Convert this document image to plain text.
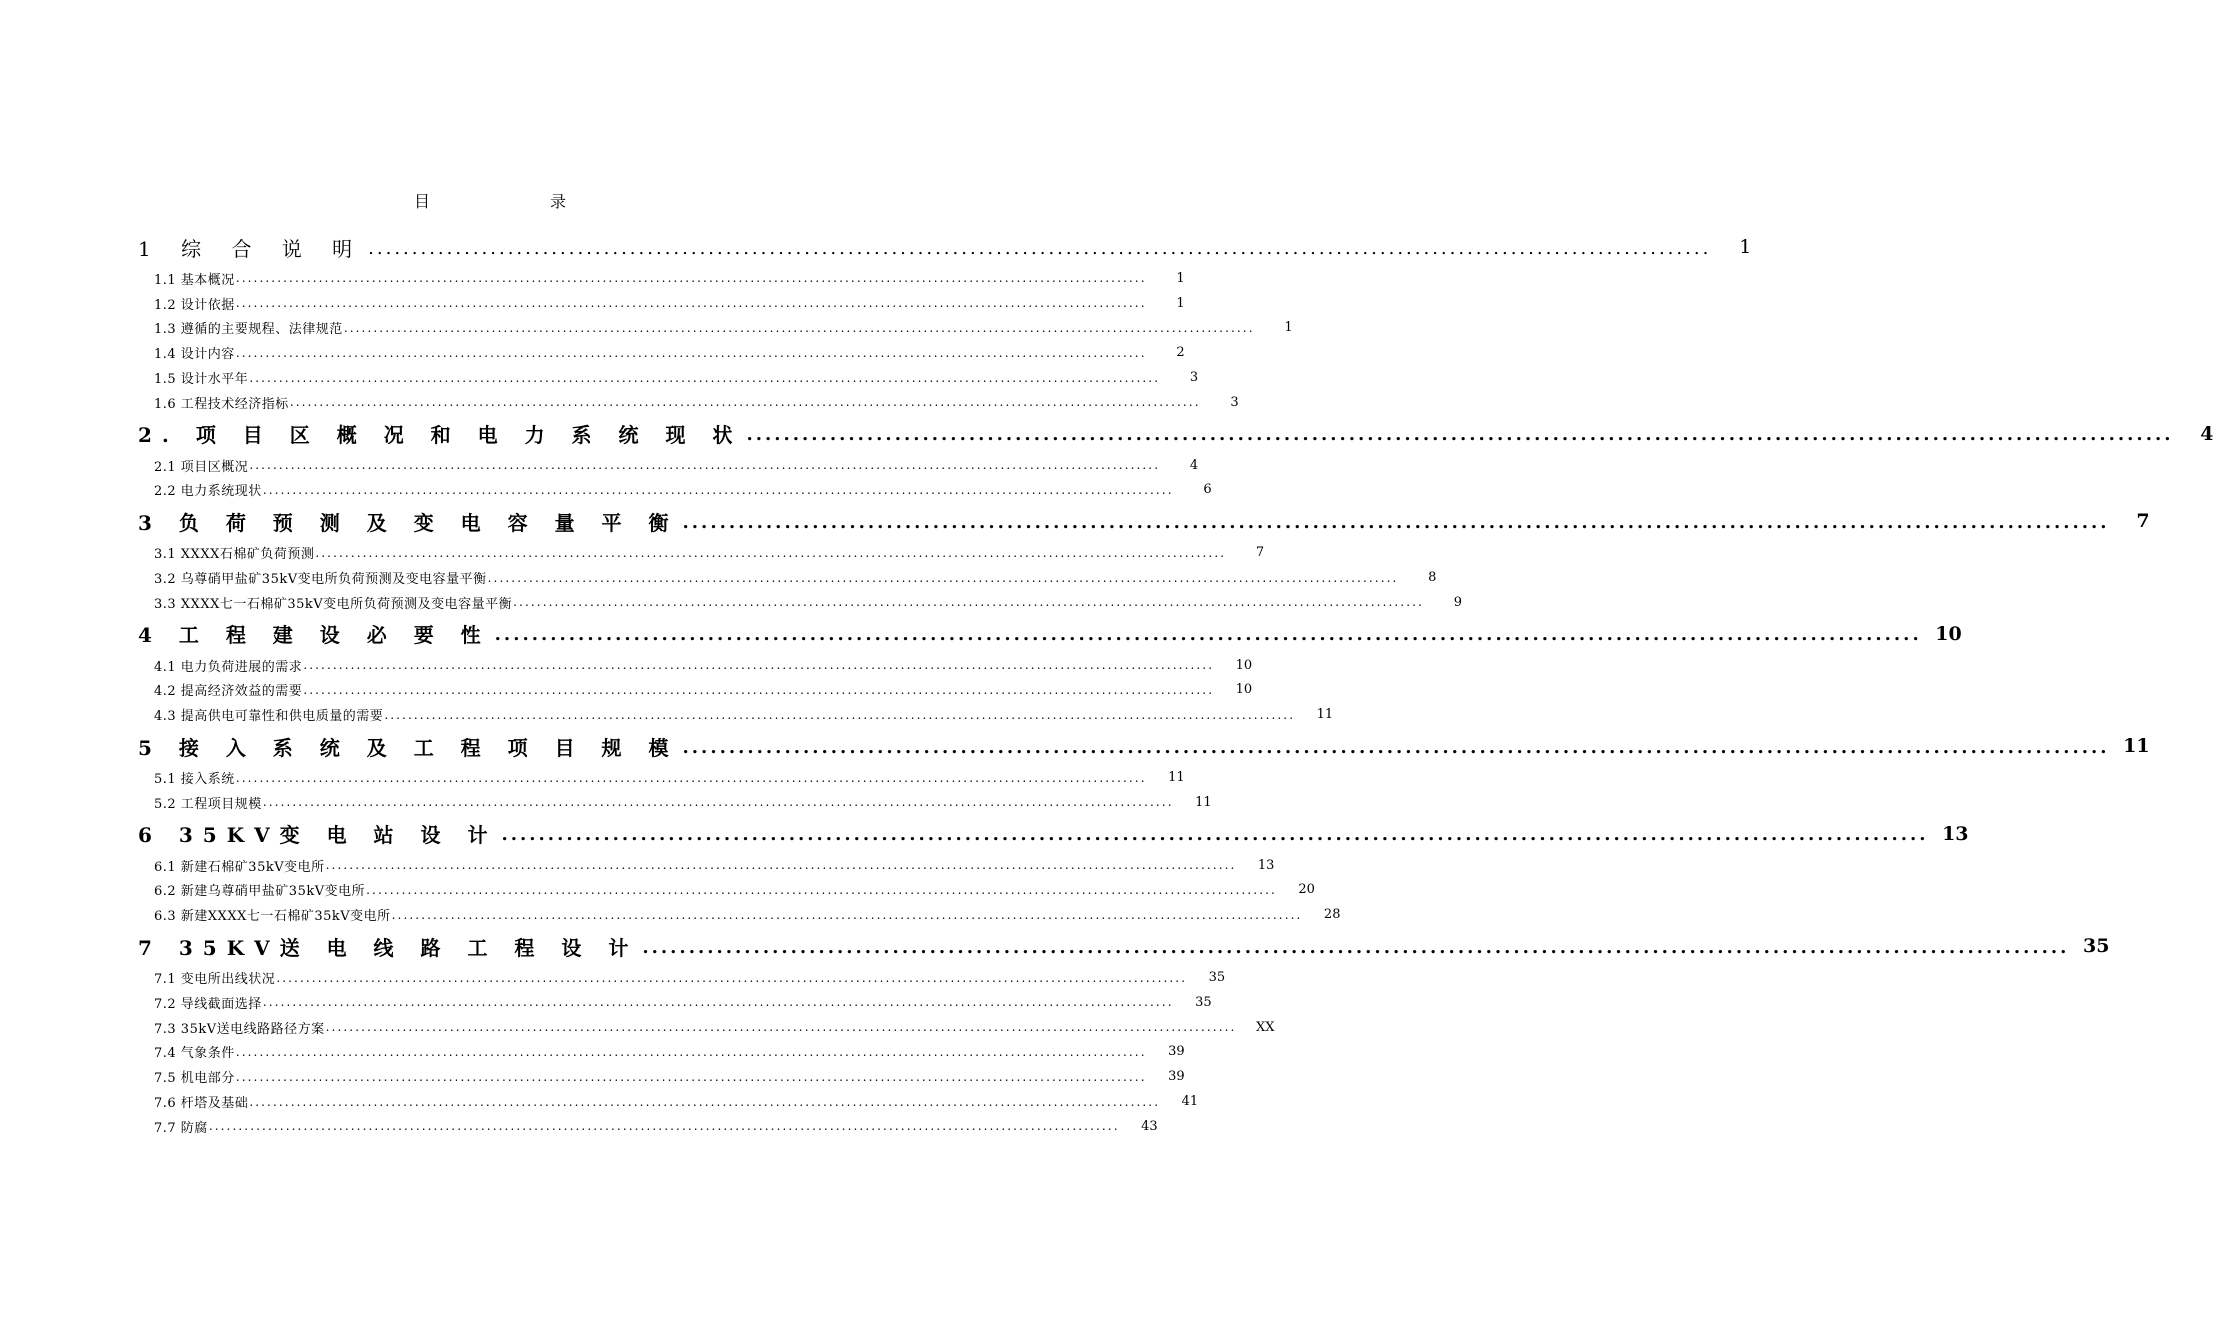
目	录
1 综 合 说 明 ..........................................................................................................................................................	1
1.1 基本概况 ..........................................................................................................................................................	1
1.2 设计依据 ..........................................................................................................................................................	1
1.3 遵循的主要规程、法律规范 ..........................................................................................................................................................	1
1.4 设计内容 ..........................................................................................................................................................	2
1.5 设计水平年 ..........................................................................................................................................................	3
1.6 工程技术经济指标 ..........................................................................................................................................................	3
2. 项 目 区 概 况 和 电 力 系 统 现 状 ..........................................................................................................................................................	4
2.1 项目区概况 ..........................................................................................................................................................	4
2.2 电力系统现状 ..........................................................................................................................................................	6
3 负 荷 预 测 及 变 电 容 量 平 衡 ..........................................................................................................................................................	7
3.1 XXXX石棉矿负荷预测 ..........................................................................................................................................................	7
3.2 乌尊硝甲盐矿35kV变电所负荷预测及变电容量平衡 ..........................................................................................................................................................	8
3.3 XXXX七一石棉矿35kV变电所负荷预测及变电容量平衡 ..........................................................................................................................................................	9
4 工 程 建 设 必 要 性 .......................................................................................................................................................... 10
4.1 电力负荷进展的需求 ..........................................................................................................................................................	10
4.2 提高经济效益的需要 ..........................................................................................................................................................	10
4.3 提高供电可靠性和供电质量的需要 ..........................................................................................................................................................	11
5 接 入 系 统 及 工 程 项 目 规 模 .......................................................................................................................................................... 11
5.1 接入系统 ..........................................................................................................................................................	11
5.2 工程项目规模 ..........................................................................................................................................................	11
6 35KV变 电 站 设 计 .......................................................................................................................................................... 13
6.1 新建石棉矿35kV变电所 ..........................................................................................................................................................	13
6.2 新建乌尊硝甲盐矿35kV变电所 ..........................................................................................................................................................	20
6.3 新建XXXX七一石棉矿35kV变电所 ..........................................................................................................................................................	28
7 35KV送 电 线 路 工 程 设 计 .......................................................................................................................................................... 35
7.1 变电所出线状况 ..........................................................................................................................................................	35
7.2 导线截面选择 ..........................................................................................................................................................	35
7.3 35kV送电线路路径方案 ..........................................................................................................................................................	XX
7.4 气象条件 ..........................................................................................................................................................	39
7.5 机电部分 ..........................................................................................................................................................	39
7.6 杆塔及基础 ..........................................................................................................................................................	41
7.7 防腐 ..........................................................................................................................................................	43
